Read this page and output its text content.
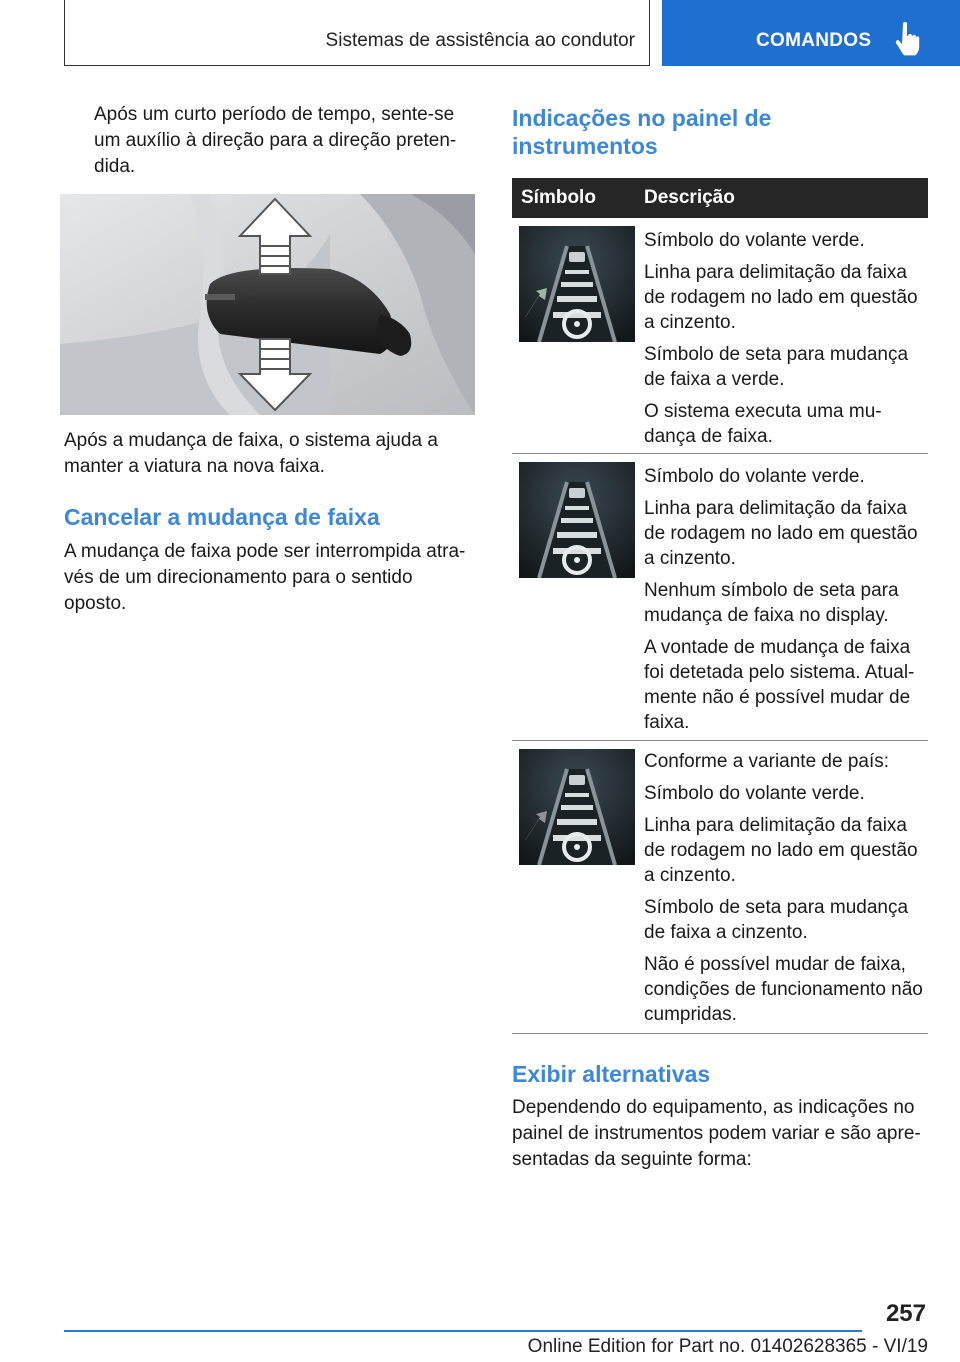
Sistemas de assistência ao condutor	COMANDOS
Após um curto período de tempo, sente-se um auxílio à direção para a direção preten-dida.
Após a mudança de faixa, o sistema ajuda a manter a viatura na nova faixa.
Cancelar a mudança de faixa
A mudança de faixa pode ser interrompida atra-vés de um direcionamento para o sentido oposto.
Indicações no painel de instrumentos
Símbolo	Descrição

Símbolo do volante verde.

Linha para delimitação da faixa de rodagem no lado em questão a cinzento.

Símbolo de seta para mudança de faixa a verde.

O sistema executa uma mu-dança de faixa.

Símbolo do volante verde.

Linha para delimitação da faixa de rodagem no lado em questão a cinzento.

Nenhum símbolo de seta para mudança de faixa no display.

A vontade de mudança de faixa foi detetada pelo sistema. Atual-mente não é possível mudar de faixa.

Conforme a variante de país:

Símbolo do volante verde.

Linha para delimitação da faixa de rodagem no lado em questão a cinzento.

Símbolo de seta para mudança de faixa a cinzento.

Não é possível mudar de faixa, condições de funcionamento não cumpridas.

Exibir alternativas
Dependendo do equipamento, as indicações no painel de instrumentos podem variar e são apre-sentadas da seguinte forma:
257
Online Edition for Part no. 01402628365 - VI/19
